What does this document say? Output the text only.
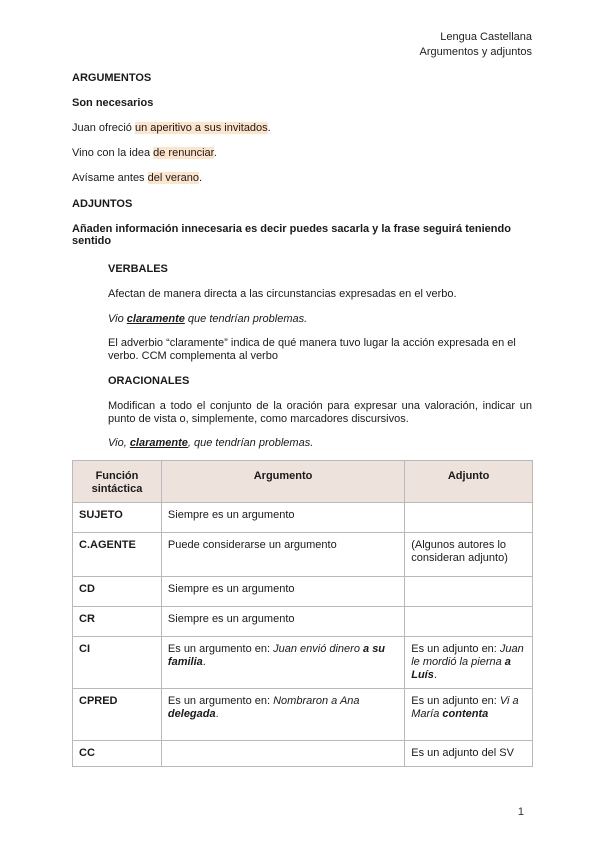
Lengua Castellana
Argumentos y adjuntos
ARGUMENTOS
Son necesarios
Juan ofreció un aperitivo a sus invitados.
Vino con la idea de renunciar.
Avísame antes del verano.
ADJUNTOS
Añaden información innecesaria es decir puedes sacarla y la frase seguirá teniendo sentido
VERBALES
Afectan de manera directa a las circunstancias expresadas en el verbo.
Vio claramente que tendrían problemas.
El adverbio “claramente” indica de qué manera tuvo lugar la acción expresada en el verbo. CCM complementa al verbo
ORACIONALES
Modifican a todo el conjunto de la oración para expresar una valoración, indicar un punto de vista o, simplemente, como marcadores discursivos.
Vio, claramente, que tendrían problemas.
Función sintáctica	Argumento	Adjunto
SUJETO	Siempre es un argumento	
C.AGENTE	Puede considerarse un argumento	(Algunos autores lo consideran adjunto)
CD	Siempre es un argumento	
CR	Siempre es un argumento	
CI	Es un argumento en: Juan envió dinero a su familia.	Es un adjunto en: Juan le mordió la pierna a Luís.
CPRED	Es un argumento en: Nombraron a Ana delegada.	Es un adjunto en: Vi a María contenta
CC		Es un adjunto del SV
1
